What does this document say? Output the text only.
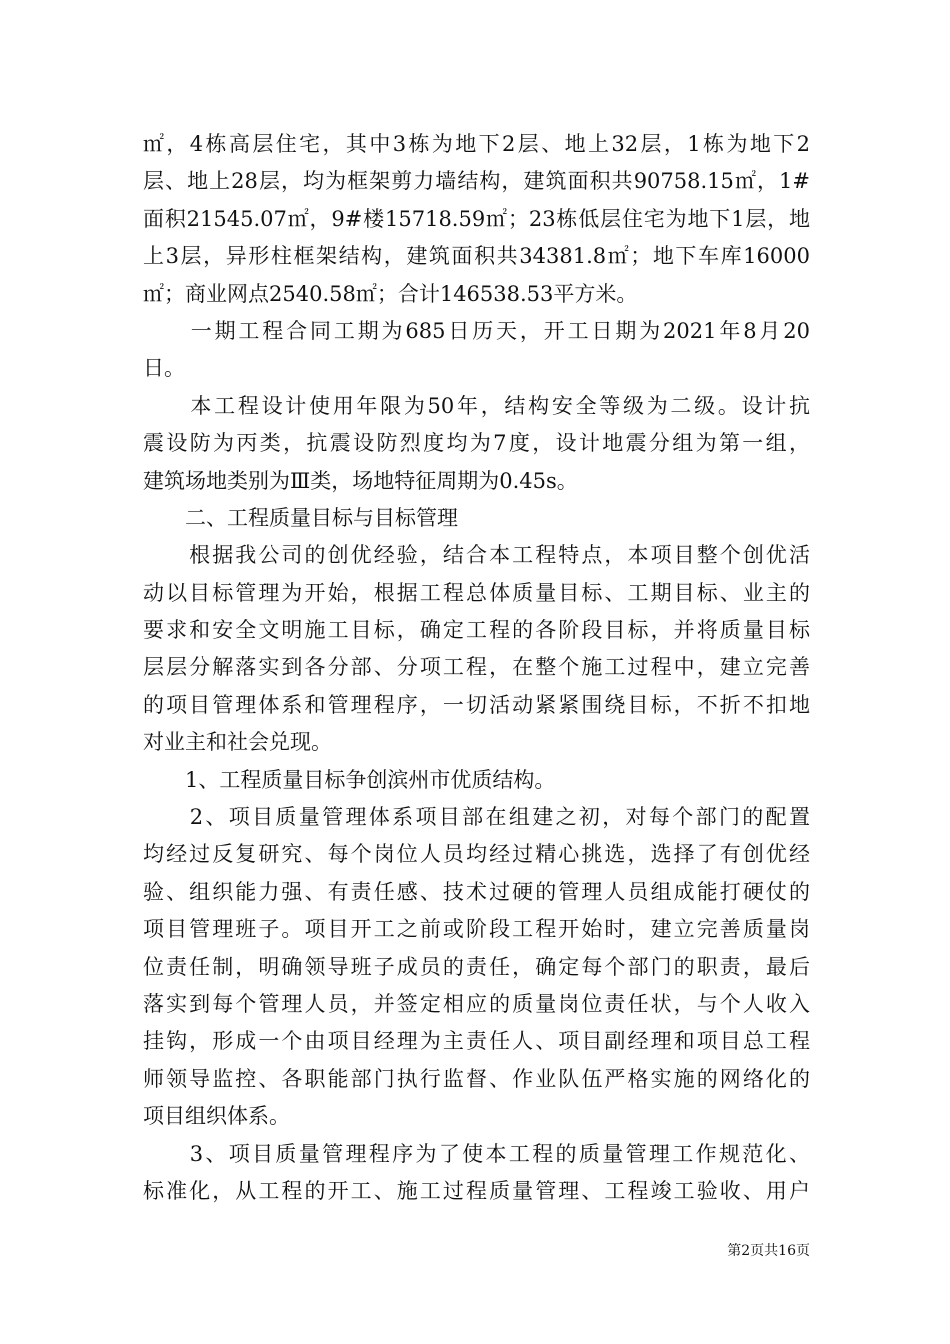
㎡，4栋高层住宅，其中3栋为地下2层、地上32层，1栋为地下2
层、地上28层，均为框架剪力墙结构，建筑面积共90758.15㎡，1#
面积21545.07㎡，9#楼15718.59㎡；23栋低层住宅为地下1层，地
上3层，异形柱框架结构，建筑面积共34381.8㎡；地下车库16000
㎡；商业网点2540.58㎡；合计146538.53平方米。
　　一期工程合同工期为685日历天，开工日期为2021年8月20
日。
　　本工程设计使用年限为50年，结构安全等级为二级。设计抗
震设防为丙类，抗震设防烈度均为7度，设计地震分组为第一组，
建筑场地类别为Ⅲ类，场地特征周期为0.45s。
　　二、工程质量目标与目标管理
　　根据我公司的创优经验，结合本工程特点，本项目整个创优活
动以目标管理为开始，根据工程总体质量目标、工期目标、业主的
要求和安全文明施工目标，确定工程的各阶段目标，并将质量目标
层层分解落实到各分部、分项工程，在整个施工过程中，建立完善
的项目管理体系和管理程序，一切活动紧紧围绕目标，不折不扣地
对业主和社会兑现。
　　1、工程质量目标争创滨州市优质结构。
　　2、项目质量管理体系项目部在组建之初，对每个部门的配置
均经过反复研究、每个岗位人员均经过精心挑选，选择了有创优经
验、组织能力强、有责任感、技术过硬的管理人员组成能打硬仗的
项目管理班子。项目开工之前或阶段工程开始时，建立完善质量岗
位责任制，明确领导班子成员的责任，确定每个部门的职责，最后
落实到每个管理人员，并签定相应的质量岗位责任状，与个人收入
挂钩，形成一个由项目经理为主责任人、项目副经理和项目总工程
师领导监控、各职能部门执行监督、作业队伍严格实施的网络化的
项目组织体系。
　　3、项目质量管理程序为了使本工程的质量管理工作规范化、
标准化，从工程的开工、施工过程质量管理、工程竣工验收、用户
第2页共16页
